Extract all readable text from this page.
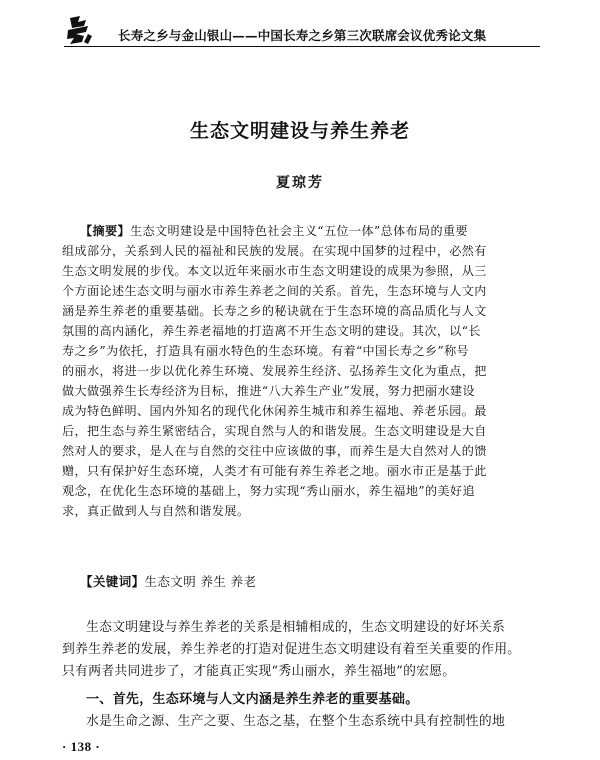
长寿之乡与金山银山——中国长寿之乡第三次联席会议优秀论文集
生态文明建设与养生养老
夏琼芳
【摘要】生态文明建设是中国特色社会主义“五位一体”总体布局的重要
组成部分，关系到人民的福祉和民族的发展。在实现中国梦的过程中，必然有
生态文明发展的步伐。本文以近年来丽水市生态文明建设的成果为参照，从三
个方面论述生态文明与丽水市养生养老之间的关系。首先，生态环境与人文内
涵是养生养老的重要基础。长寿之乡的秘诀就在于生态环境的高品质化与人文
氛围的高内涵化，养生养老福地的打造离不开生态文明的建设。其次，以“长
寿之乡”为依托，打造具有丽水特色的生态环境。有着“中国长寿之乡”称号
的丽水，将进一步以优化养生环境、发展养生经济、弘扬养生文化为重点，把
做大做强养生长寿经济为目标，推进“八大养生产业”发展，努力把丽水建设
成为特色鲜明、国内外知名的现代化休闲养生城市和养生福地、养老乐园。最
后，把生态与养生紧密结合，实现自然与人的和谐发展。生态文明建设是大自
然对人的要求，是人在与自然的交往中应该做的事，而养生是大自然对人的馈
赠，只有保护好生态环境，人类才有可能有养生养老之地。丽水市正是基于此
观念，在优化生态环境的基础上，努力实现“秀山丽水，养生福地”的美好追
求，真正做到人与自然和谐发展。
【关键词】生态文明 养生 养老
生态文明建设与养生养老的关系是相辅相成的，生态文明建设的好坏关系
到养生养老的发展，养生养老的打造对促进生态文明建设有着至关重要的作用。
只有两者共同进步了，才能真正实现“秀山丽水，养生福地”的宏愿。
一、首先，生态环境与人文内涵是养生养老的重要基础。
水是生命之源、生产之要、生态之基，在整个生态系统中具有控制性的地
· 138 ·
